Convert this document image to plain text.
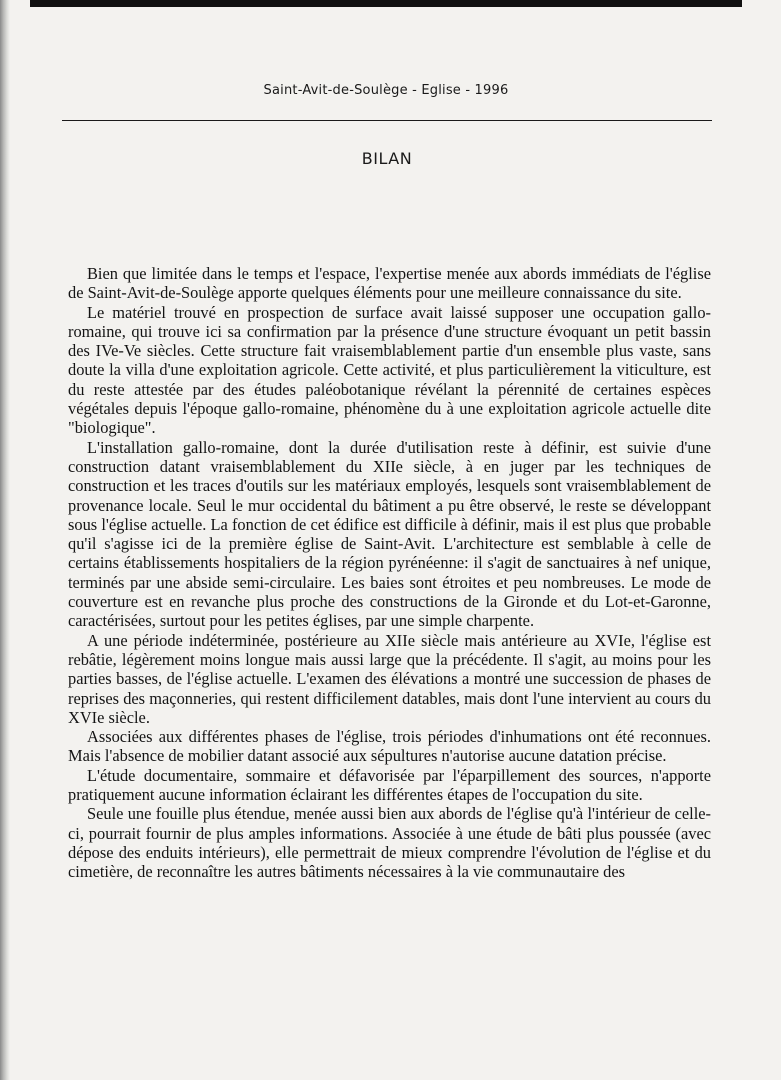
Saint-Avit-de-Soulège - Eglise - 1996
BILAN

Bien que limitée dans le temps et l'espace, l'expertise menée aux abords immédiats de l'église de Saint-Avit-de-Soulège apporte quelques éléments pour une meilleure connaissance du site.

Le matériel trouvé en prospection de surface avait laissé supposer une occupation gallo-romaine, qui trouve ici sa confirmation par la présence d'une structure évoquant un petit bassin des IVe-Ve siècles. Cette structure fait vraisemblablement partie d'un ensemble plus vaste, sans doute la villa d'une exploitation agricole. Cette activité, et plus particulièrement la viticulture, est du reste attestée par des études paléobotanique révélant la pérennité de certaines espèces végétales depuis l'époque gallo-romaine, phénomène du à une exploitation agricole actuelle dite "biologique".

L'installation gallo-romaine, dont la durée d'utilisation reste à définir, est suivie d'une construction datant vraisemblablement du XIIe siècle, à en juger par les techniques de construction et les traces d'outils sur les matériaux employés, lesquels sont vraisemblablement de provenance locale. Seul le mur occidental du bâtiment a pu être observé, le reste se développant sous l'église actuelle. La fonction de cet édifice est difficile à définir, mais il est plus que probable qu'il s'agisse ici de la première église de Saint-Avit. L'architecture est semblable à celle de certains établissements hospitaliers de la région pyrénéenne: il s'agit de sanctuaires à nef unique, terminés par une abside semi-circulaire. Les baies sont étroites et peu nombreuses. Le mode de couverture est en revanche plus proche des constructions de la Gironde et du Lot-et-Garonne, caractérisées, surtout pour les petites églises, par une simple charpente.

A une période indéterminée, postérieure au XIIe siècle mais antérieure au XVIe, l'église est rebâtie, légèrement moins longue mais aussi large que la précédente. Il s'agit, au moins pour les parties basses, de l'église actuelle. L'examen des élévations a montré une succession de phases de reprises des maçonneries, qui restent difficilement datables, mais dont l'une intervient au cours du XVIe siècle.

Associées aux différentes phases de l'église, trois périodes d'inhumations ont été reconnues. Mais l'absence de mobilier datant associé aux sépultures n'autorise aucune datation précise.

L'étude documentaire, sommaire et défavorisée par l'éparpillement des sources, n'apporte pratiquement aucune information éclairant les différentes étapes de l'occupation du site.

Seule une fouille plus étendue, menée aussi bien aux abords de l'église qu'à l'intérieur de celle-ci, pourrait fournir de plus amples informations. Associée à une étude de bâti plus poussée (avec dépose des enduits intérieurs), elle permettrait de mieux comprendre l'évolution de l'église et du cimetière, de reconnaître les autres bâtiments nécessaires à la vie communautaire des
